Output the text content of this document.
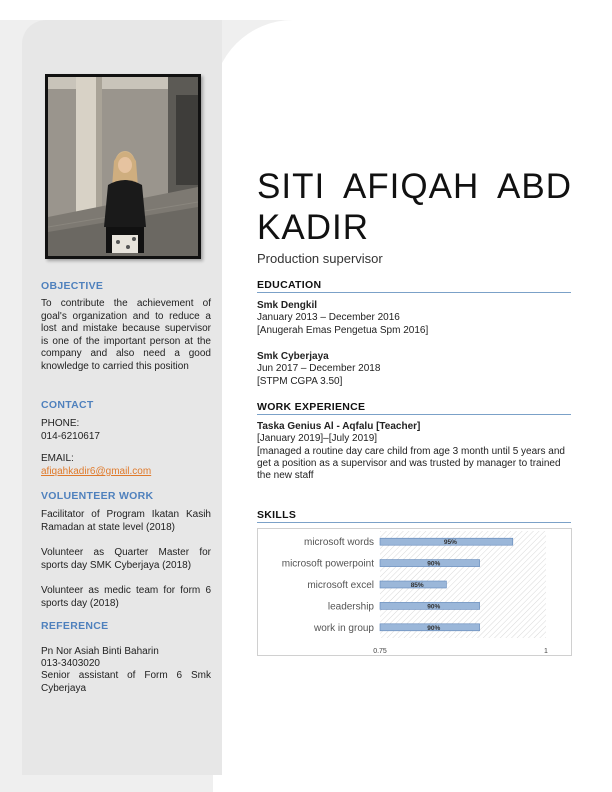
OBJECTIVE
To contribute the achievement of goal's organization and to reduce a lost and mistake because supervisor is one of the important person at the company and also need a good knowledge to carried this position
CONTACT
PHONE:
014-6210617
EMAIL:
afiqahkadir6@gmail.com
VOLUENTEER WORK
Facilitator of Program Ikatan Kasih Ramadan at state level (2018)
Volunteer as Quarter Master for sports day SMK Cyberjaya (2018)
Volunteer as medic team for form 6 sports day (2018)
REFERENCE
Pn Nor Asiah Binti Baharin
013-3403020
Senior assistant of Form 6 Smk Cyberjaya
SITI AFIQAH ABD
KADIR
Production supervisor
EDUCATION
Smk Dengkil
January 2013 – December 2016
[Anugerah Emas Pengetua Spm 2016]
Smk Cyberjaya
Jun 2017 – December 2018
[STPM CGPA 3.50]
WORK EXPERIENCE
Taska Genius Al - Aqfalu [Teacher]
[January 2019]–[July 2019]
[managed a routine day care child from age 3 month until 5 years and get a position as a supervisor and was trusted by manager to trained the new staff
SKILLS
microsoft words	95%
microsoft powerpoint	90%
microsoft excel	85%
leadership	90%
work in group	90%
0.75	1
